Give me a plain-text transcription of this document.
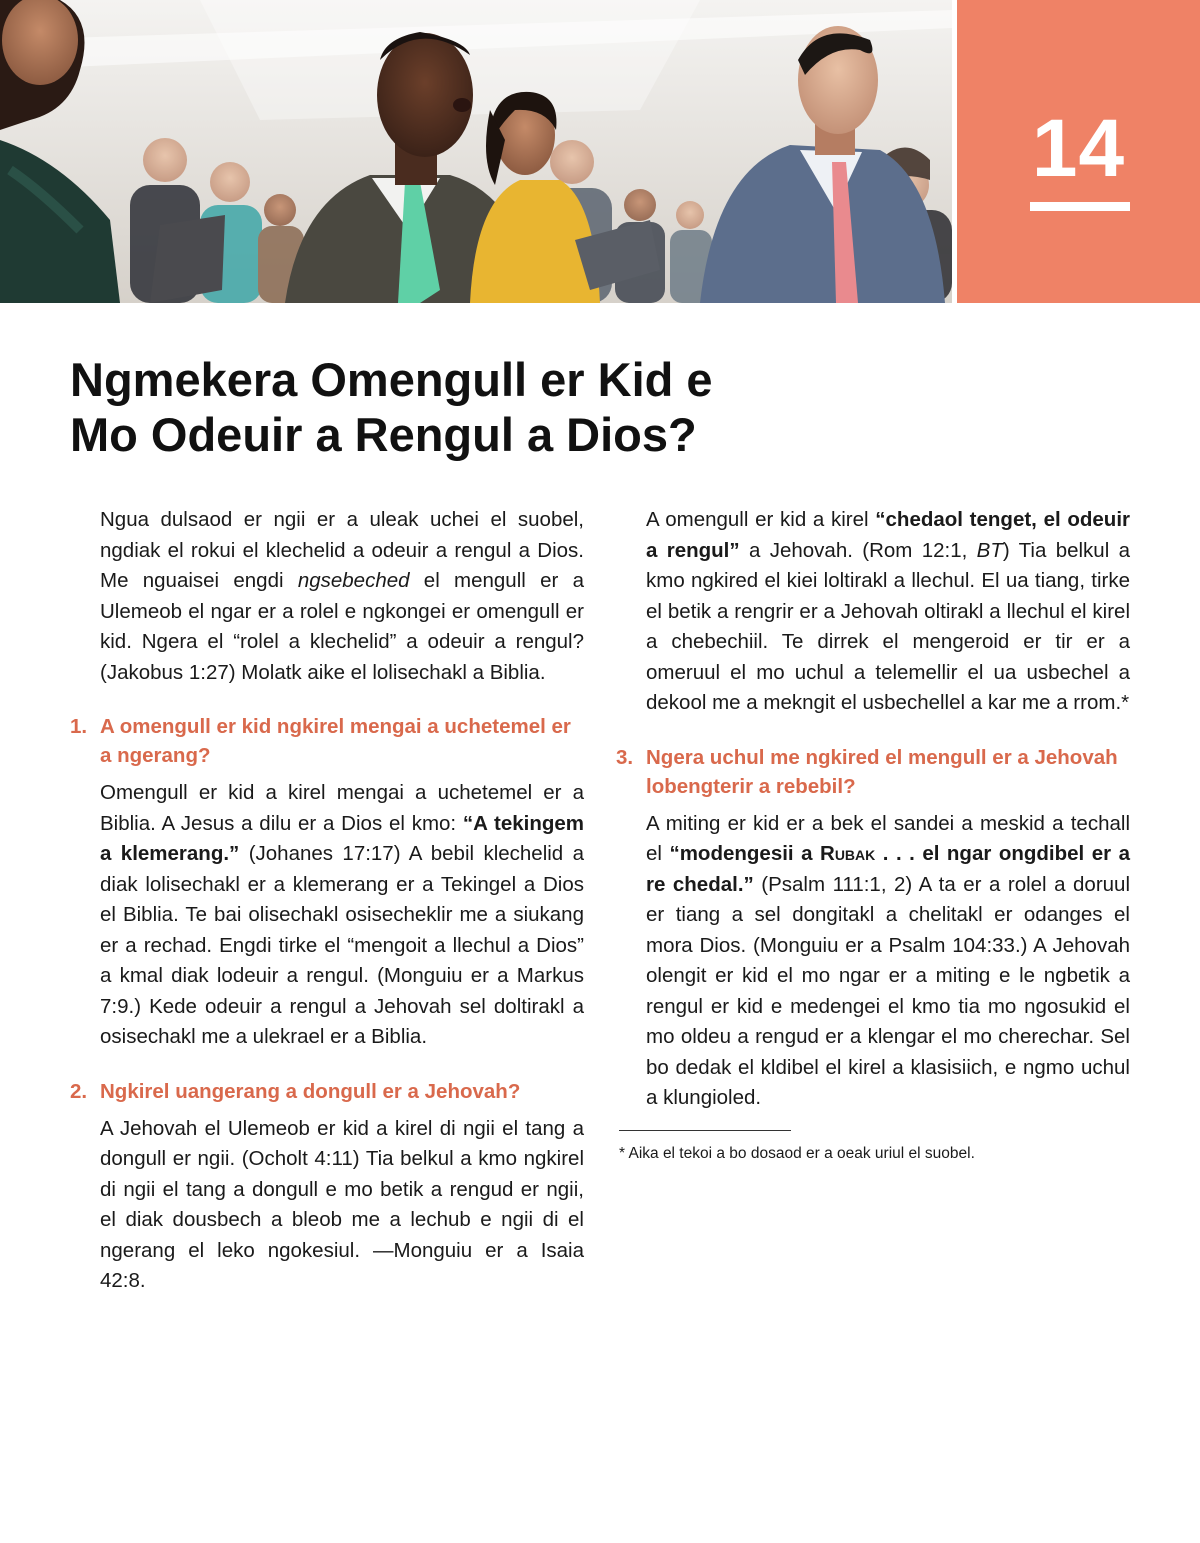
14
Ngmekera Omengull er Kid e
Mo Odeuir a Rengul a Dios?

Ngua dulsaod er ngii er a uleak uchei el suobel, ngdiak el rokui el klechelid a odeuir a rengul a Dios. Me nguaisei engdi ngsebeched el mengull er a Ulemeob el ngar er a rolel e ngkongei er omengull er kid. Ngera el “rolel a klechelid” a odeuir a rengul? (Jakobus 1:27) Molatk aike el lolisechakl a Biblia.

1. A omengull er kid ngkirel mengai a uchetemel er a ngerang?

Omengull er kid a kirel mengai a uchetemel er a Biblia. A Jesus a dilu er a Dios el kmo: “A tekingem a klemerang.” (Johanes 17:17) A bebil klechelid a diak lolisechakl er a klemerang er a Tekingel a Dios el Biblia. Te bai olisechakl osisecheklir me a siukang er a rechad. Engdi tirke el “mengoit a llechul a Dios” a kmal diak lodeuir a rengul. (Monguiu er a Markus 7:9.) Kede odeuir a rengul a Jehovah sel doltirakl a osisechakl me a ulekrael er a Biblia.

2. Ngkirel uangerang a dongull er a Jehovah?

A Jehovah el Ulemeob er kid a kirel di ngii el tang a dongull er ngii. (Ocholt 4:11) Tia belkul a kmo ngkirel di ngii el tang a dongull e mo betik a rengud er ngii, el diak dousbech a bleob me a lechub e ngii di el ngerang el leko ngokesiul. —Monguiu er a Isaia 42:8.

A omengull er kid a kirel “chedaol tenget, el odeuir a rengul” a Jehovah. (Rom 12:1, BT) Tia belkul a kmo ngkired el kiei loltirakl a llechul. El ua tiang, tirke el betik a rengrir er a Jehovah oltirakl a llechul el kirel a chebechiil. Te dirrek el mengeroid er tir er a omeruul el mo uchul a telemellir el ua usbechel a dekool me a mekngit el usbechellel a kar me a rrom.*

3. Ngera uchul me ngkired el mengull er a Jehovah lobengterir a rebebil?

A miting er kid er a bek el sandei a meskid a techall el “modengesii a Rubak . . . el ngar ongdibel er a re chedal.” (Psalm 111:1, 2) A ta er a rolel a doruul er tiang a sel dongitakl a chelitakl er odanges el mora Dios. (Monguiu er a Psalm 104:33.) A Jehovah olengit er kid el mo ngar er a miting e le ngbetik a rengul er kid e medengei el kmo tia mo ngosukid el mo oldeu a rengud er a klengar el mo cherechar. Sel bo dedak el kldibel el kirel a klasisiich, e ngmo uchul a klungioled.

* Aika el tekoi a bo dosaod er a oeak uriul el suobel.
